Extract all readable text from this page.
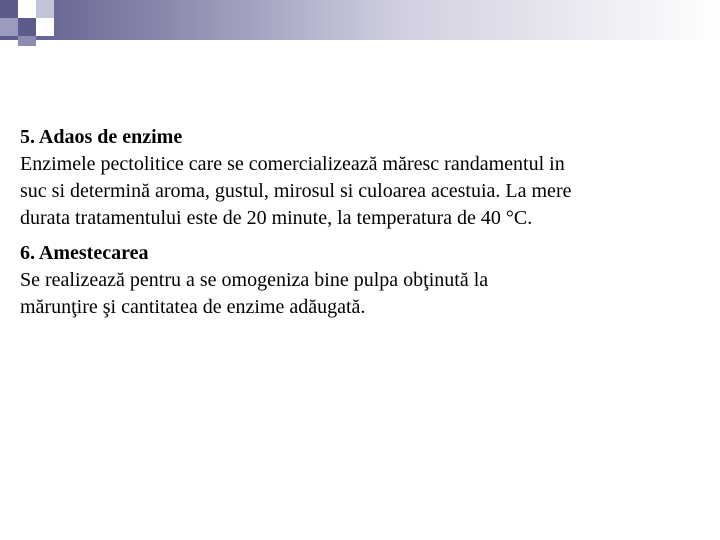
5. Adaos de enzime
Enzimele pectolitice care se comercializează măresc randamentul in
suc si determină aroma, gustul, mirosul si culoarea acestuia. La mere
durata tratamentului este de 20 minute, la temperatura de 40 °C.
6. Amestecarea
Se realizează pentru a se omogeniza bine pulpa obţinută la
mărunţire şi cantitatea de enzime adăugată.
